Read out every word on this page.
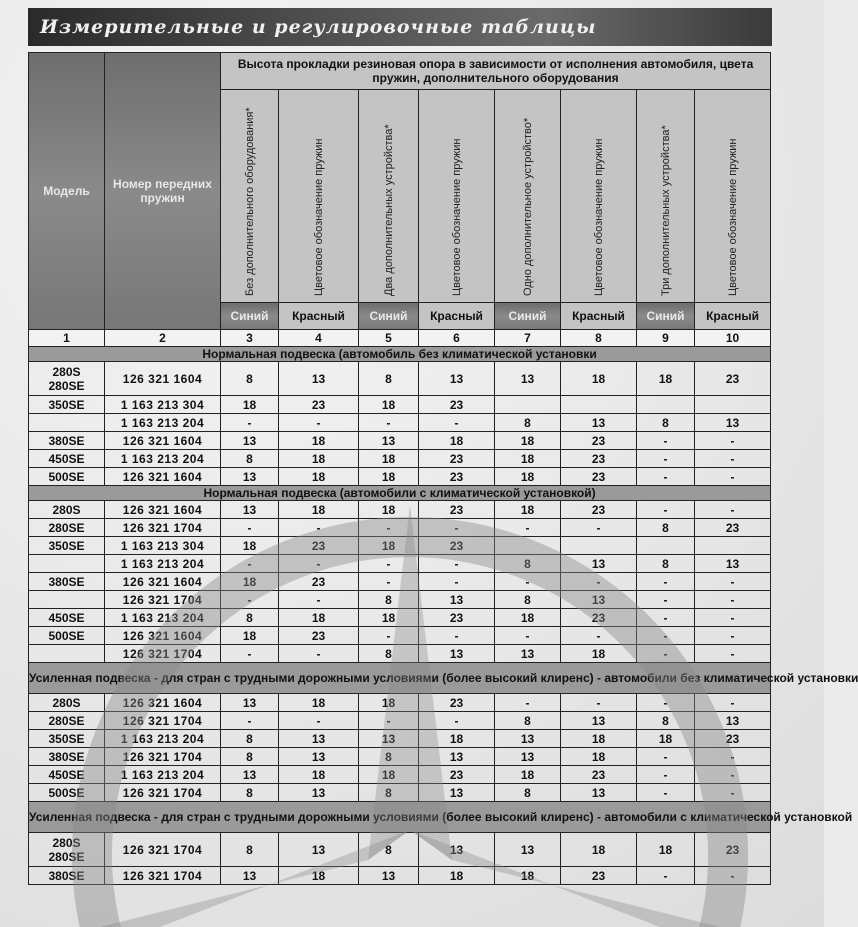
Измерительные и регулировочные таблицы
Модель	Номер передних пружин	Высота прокладки резиновая опора в зависимости от исполнения автомобиля, цвета пружин, дополнительного оборудования							

		Без дополнительного оборудования*	Цветовое обозначение пружин	Два дополнительных устройства*	Цветовое обозначение пружин	Одно дополнительное устройство*	Цветовое обозначение пружин	Три дополнительных устройства*	Цветовое обозначение пружин

		Синий	Красный	Синий	Красный	Синий	Красный	Синий	Красный
1	2	3	4	5	6	7	8	9	10
Нормальная подвеска (автомобиль без климатической установки									
280S
280SE	126 321 1604	8	13	8	13	13	18	18	23
350SE	1 163 213 304	18	23	18	23				
	1 163 213 204	-	-	-	-	8	13	8	13
380SE	126 321 1604	13	18	13	18	18	23	-	-
450SE	1 163 213 204	8	18	18	23	18	23	-	-
500SE	126 321 1604	13	18	18	23	18	23	-	-
Нормальная подвеска (автомобили с климатической установкой)									
280S	126 321 1604	13	18	18	23	18	23	-	-
280SE	126 321 1704	-	-	-	-	-	-	8	23
350SE	1 163 213 304	18	23	18	23				
	1 163 213 204	-	-	-	-	8	13	8	13
380SE	126 321 1604	18	23	-	-	-	-	-	-
	126 321 1704	-	-	8	13	8	13	-	-
450SE	1 163 213 204	8	18	18	23	18	23	-	-
500SE	126 321 1604	18	23	-	-	-	-	-	-
	126 321 1704	-	-	8	13	13	18	-	-
Усиленная подвеска - для стран с трудными дорожными условиями (более высокий клиренс) - автомобили без климатической установки									
280S	126 321 1604	13	18	18	23	-	-	-	-
280SE	126 321 1704	-	-	-	-	8	13	8	13
350SE	1 163 213 204	8	13	13	18	13	18	18	23
380SE	126 321 1704	8	13	8	13	13	18	-	-
450SE	1 163 213 204	13	18	18	23	18	23	-	-
500SE	126 321 1704	8	13	8	13	8	13	-	-
Усиленная подвеска - для стран с трудными дорожными условиями (более высокий клиренс) - автомобили с климатической установкой									
280S
280SE	126 321 1704	8	13	8	13	13	18	18	23
380SE	126 321 1704	13	18	13	18	18	23	-	-
